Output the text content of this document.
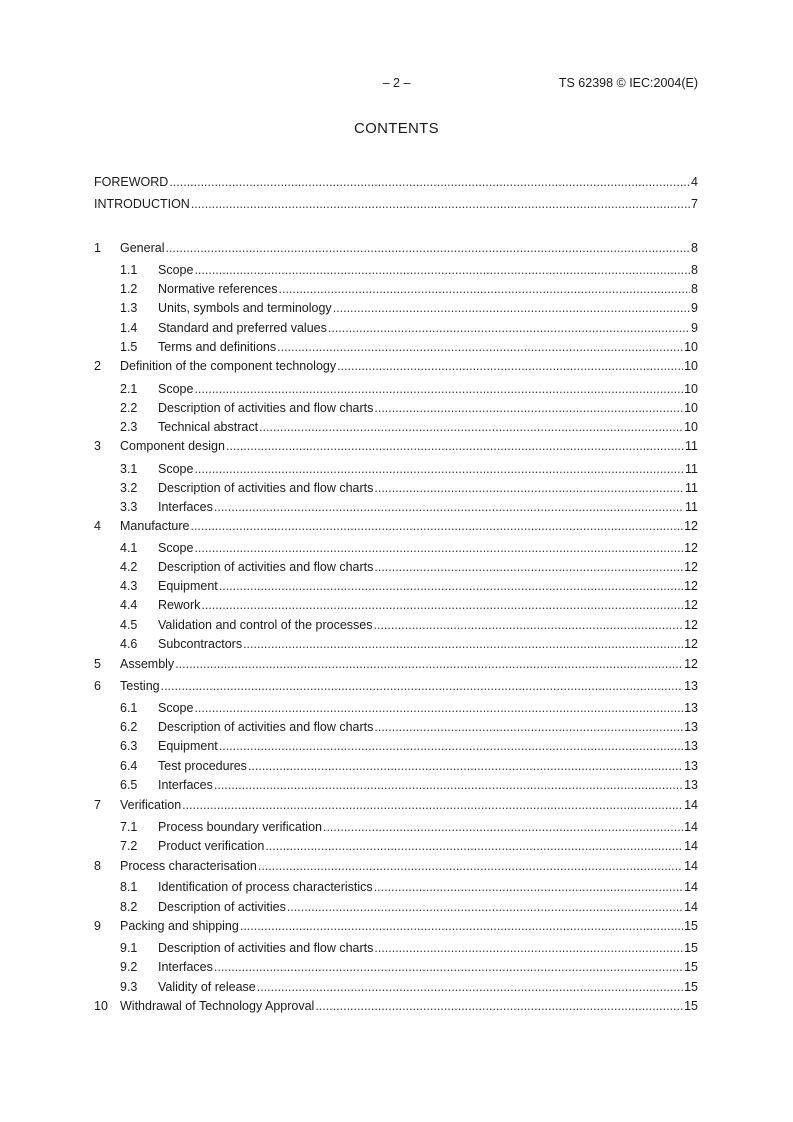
– 2 –	TS 62398 © IEC:2004(E)
CONTENTS
FOREWORD .....	4
INTRODUCTION .....	7
1	General .....	8
1.1	Scope .....	8
1.2	Normative references .....	8
1.3	Units, symbols and terminology .....	9
1.4	Standard and preferred values .....	9
1.5	Terms and definitions .....	10
2	Definition of the component technology .....	10
2.1	Scope .....	10
2.2	Description of activities and flow charts .....	10
2.3	Technical abstract .....	10
3	Component design .....	11
3.1	Scope .....	11
3.2	Description of activities and flow charts .....	11
3.3	Interfaces .....	11
4	Manufacture .....	12
4.1	Scope .....	12
4.2	Description of activities and flow charts .....	12
4.3	Equipment .....	12
4.4	Rework .....	12
4.5	Validation and control of the processes .....	12
4.6	Subcontractors .....	12
5	Assembly .....	12
6	Testing .....	13
6.1	Scope .....	13
6.2	Description of activities and flow charts .....	13
6.3	Equipment .....	13
6.4	Test procedures .....	13
6.5	Interfaces .....	13
7	Verification .....	14
7.1	Process boundary verification .....	14
7.2	Product verification .....	14
8	Process characterisation .....	14
8.1	Identification of process characteristics .....	14
8.2	Description of activities .....	14
9	Packing and shipping .....	15
9.1	Description of activities and flow charts .....	15
9.2	Interfaces .....	15
9.3	Validity of release .....	15
10 Withdrawal of Technology Approval .....	15
